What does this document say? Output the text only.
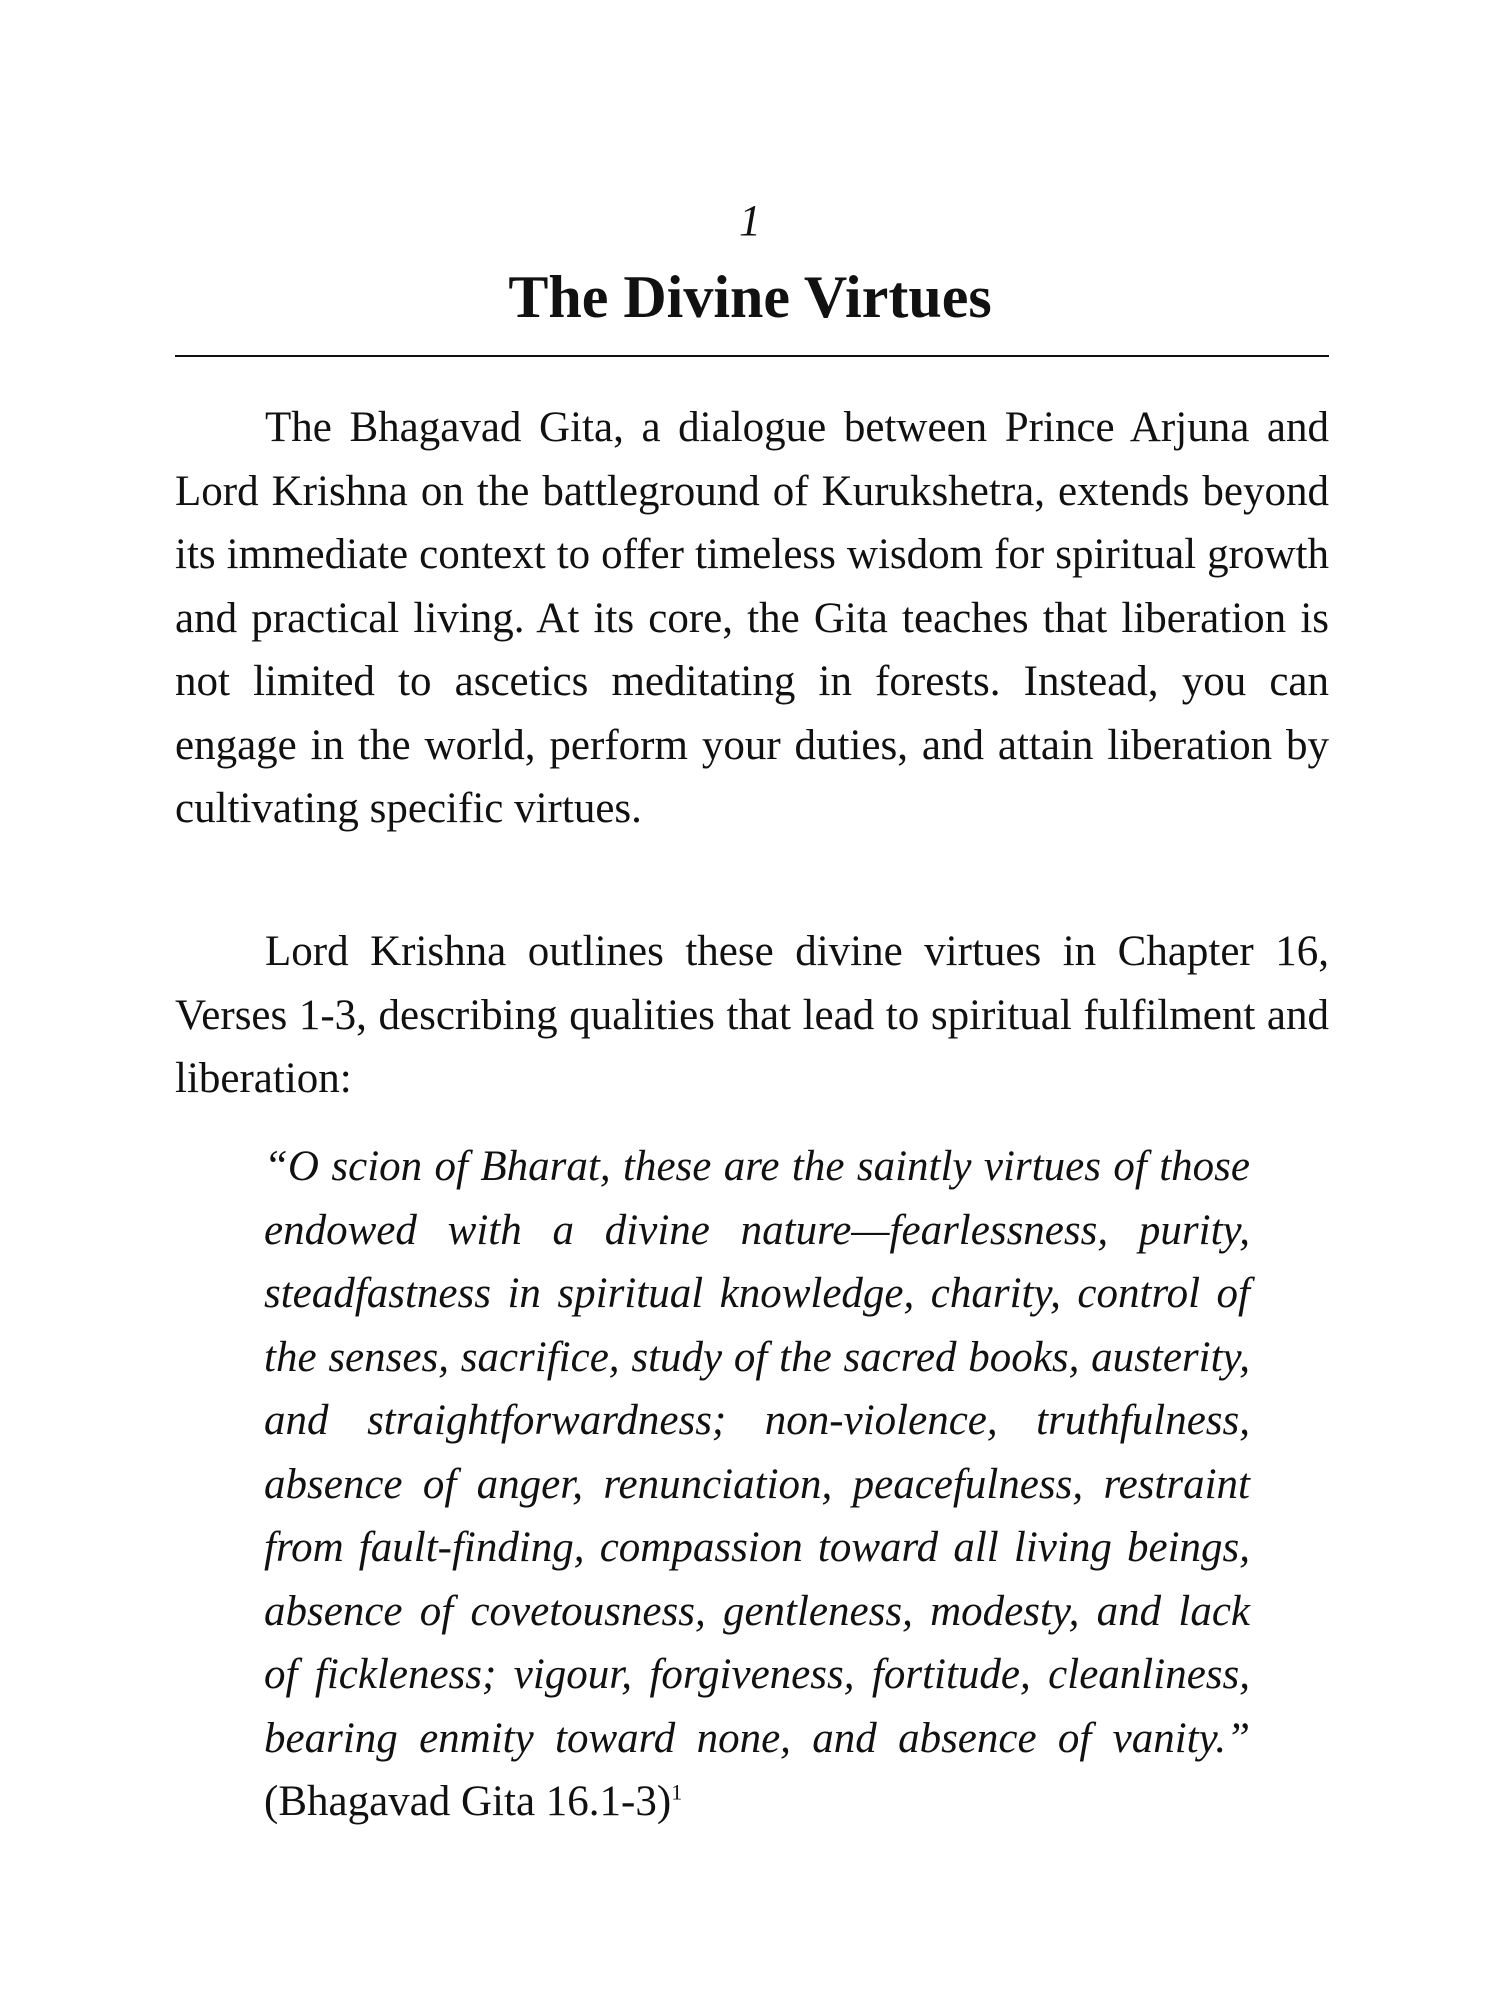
1
The Divine Virtues

The Bhagavad Gita, a dialogue between Prince Arjuna and Lord Krishna on the battleground of Kurukshetra, extends beyond its immediate context to offer timeless wisdom for spiritual growth and practical living. At its core, the Gita teaches that liberation is not limited to ascetics meditating in forests. Instead, you can engage in the world, perform your duties, and attain liberation by cultivating specific virtues.

Lord Krishna outlines these divine virtues in Chapter 16, Verses 1-3, describing qualities that lead to spiritual fulfilment and liberation:

“O scion of Bharat, these are the saintly virtues of those endowed with a divine nature—fearlessness, purity, steadfastness in spiritual knowledge, charity, control of the senses, sacrifice, study of the sacred books, austerity, and straightforwardness; non-violence, truthfulness, absence of anger, renunciation, peacefulness, restraint from fault-finding, compassion toward all living beings, absence of covetousness, gentleness, modesty, and lack of fickleness; vigour, forgiveness, fortitude, cleanliness, bearing enmity toward none, and absence of vanity.” (Bhagavad Gita 16.1-3)$^1$
